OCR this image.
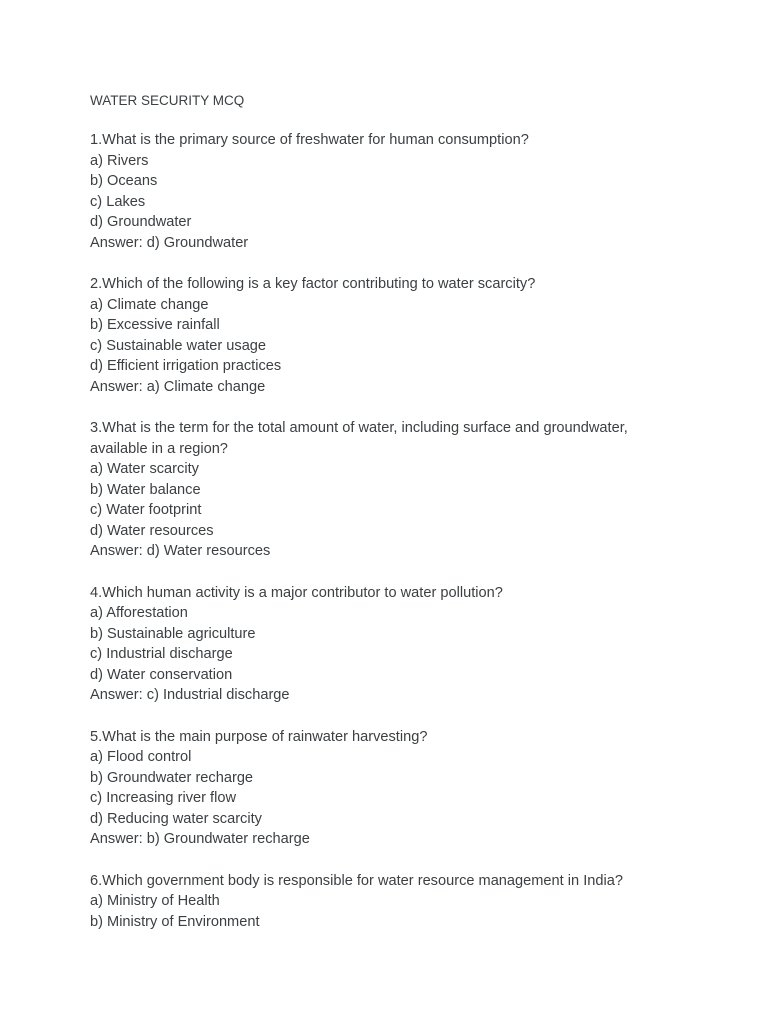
WATER SECURITY MCQ
1.What is the primary source of freshwater for human consumption?
a) Rivers
b) Oceans
c) Lakes
d) Groundwater
Answer: d) Groundwater
2.Which of the following is a key factor contributing to water scarcity?
a) Climate change
b) Excessive rainfall
c) Sustainable water usage
d) Efficient irrigation practices
Answer: a) Climate change
3.What is the term for the total amount of water, including surface and groundwater,
available in a region?
a) Water scarcity
b) Water balance
c) Water footprint
d) Water resources
Answer: d) Water resources
4.Which human activity is a major contributor to water pollution?
a) Afforestation
b) Sustainable agriculture
c) Industrial discharge
d) Water conservation
Answer: c) Industrial discharge
5.What is the main purpose of rainwater harvesting?
a) Flood control
b) Groundwater recharge
c) Increasing river flow
d) Reducing water scarcity
Answer: b) Groundwater recharge
6.Which government body is responsible for water resource management in India?
a) Ministry of Health
b) Ministry of Environment
